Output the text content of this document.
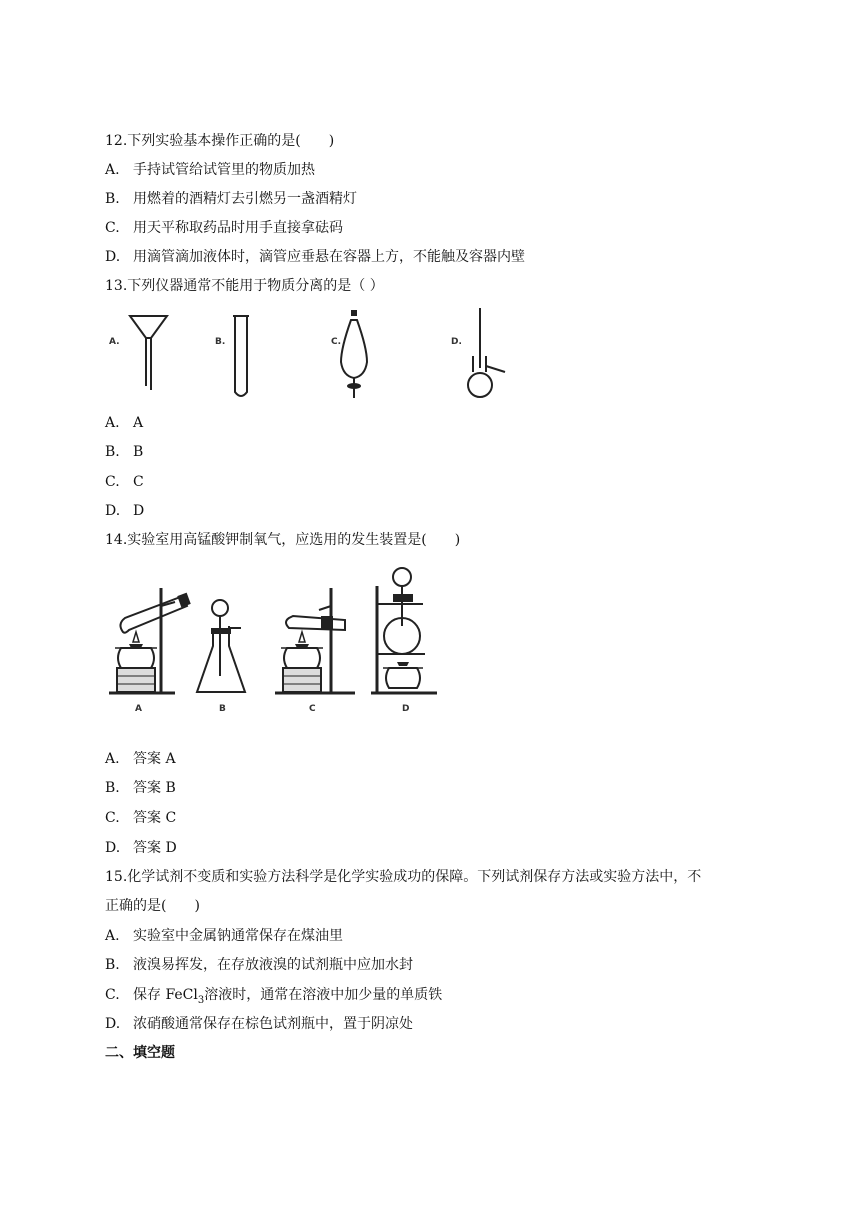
12.下列实验基本操作正确的是(　　)
A. 手持试管给试管里的物质加热
B. 用燃着的酒精灯去引燃另一盏酒精灯
C. 用天平称取药品时用手直接拿砝码
D. 用滴管滴加液体时，滴管应垂悬在容器上方，不能触及容器内壁
13.下列仪器通常不能用于物质分离的是（ ）
A.	B.	C.	D.
A. A
B. B
C. C
D. D
14.实验室用高锰酸钾制氧气，应选用的发生装置是(　　)
A	B	C	D
A. 答案 A
B. 答案 B
C. 答案 C
D. 答案 D
15.化学试剂不变质和实验方法科学是化学实验成功的保障。下列试剂保存方法或实验方法中，不
正确的是(　　)
A. 实验室中金属钠通常保存在煤油里
B. 液溴易挥发，在存放液溴的试剂瓶中应加水封
C. 保存 FeCl$_3$溶液时，通常在溶液中加少量的单质铁
D. 浓硝酸通常保存在棕色试剂瓶中，置于阴凉处
二、填空题
